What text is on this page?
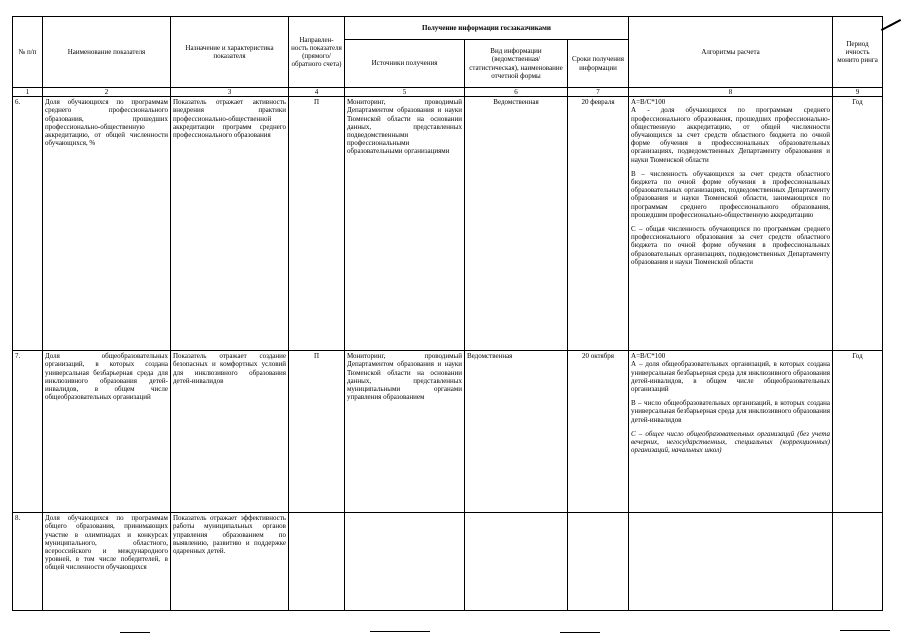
№ п/п	Наименование показателя	Назначение и характеристика показателя	Направлен-ность показателя (прямого/обратного счета)	Получение информации госзаказчиками			Алгоритмы расчета	Период ичность монито ринга
				Источники получения	Вид информации (ведомственная/ статистическая), наименование отчетной формы	Сроки получения информации		
1	2	3	4	5	6	7	8	9
6.	Доля обучающихся по программам среднего профессионального образования, прошедших профессионально-общественную аккредитацию, от общей численности обучающихся, %	Показатель отражает активность внедрения практики профессионально-общественной аккредитации программ среднего профессионального образования	П	Мониторинг, проводимый Департаментом образования и науки Тюменской области на основании данных, представленных подведомственными профессиональными образовательными организациями	Ведомственная	20 февраля	A=B/C*100

А - доля обучающихся по программам среднего профессионального образования, прошедших профессионально-общественную аккредитацию, от общей численности обучающихся за счет средств областного бюджета по очной форме обучения в профессиональных образовательных организациях, подведомственных Департаменту образования и науки Тюменской области

В – численность обучающихся за счет средств областного бюджета по очной форме обучения в профессиональных образовательных организациях, подведомственных Департаменту образования и науки Тюменской области, занимающихся по программам среднего профессионального образования, прошедшим профессионально-общественную аккредитацию

С – общая численность обучающихся по программам среднего профессионального образования за счет средств областного бюджета по очной форме обучения в профессиональных образовательных организациях, подведомственных Департаменту образования и науки Тюменской области	Год
7.	Доля общеобразовательных организаций, в которых создана универсальная безбарьерная среда для инклюзивного образования детей-инвалидов, в общем числе общеобразовательных организаций	Показатель отражает создание безопасных и комфортных условий для инклюзивного образования детей-инвалидов	П	Мониторинг, проводимый Департаментом образования и науки Тюменской области на основании данных, представленных муниципальными органами управления образованием	Ведомственная	20 октября	A=B/C*100

А – доля общеобразовательных организаций, в которых создана универсальная безбарьерная среда для инклюзивного образования детей-инвалидов, в общем числе общеобразовательных организаций

В – число общеобразовательных организаций, в которых создана универсальная безбарьерная среда для инклюзивного образования детей-инвалидов

С – общее число общеобразовательных организаций (без учета вечерних, негосударственных, специальных (коррекционных) организаций, начальных школ)	Год
8.	Доля обучающихся по программам общего образования, принимающих участие в олимпиадах и конкурсах муниципального, областного, всероссийского и международного уровней, в том числе победителей, в общей численности обучающихся	Показатель отражает эффективность работы муниципальных органов управления образованием по выявлению, развитию и поддержке одаренных детей.						
